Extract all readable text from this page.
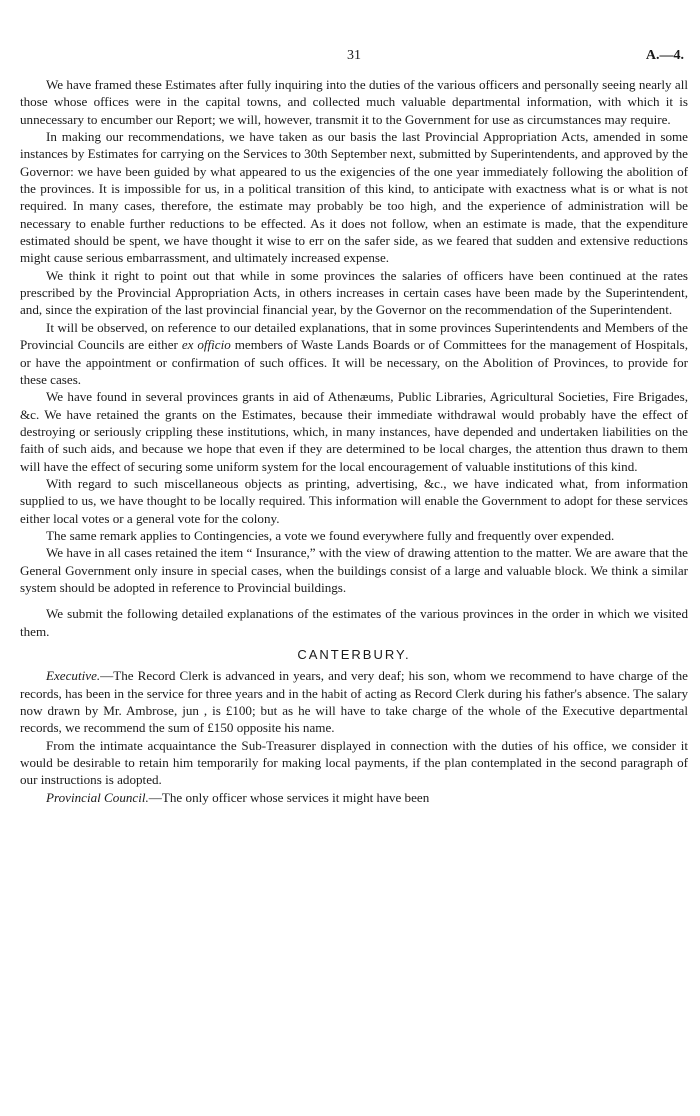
31	A.—4.

We have framed these Estimates after fully inquiring into the duties of the various officers and personally seeing nearly all those whose offices were in the capital towns, and collected much valuable departmental information, with which it is unnecessary to encumber our Report; we will, however, transmit it to the Government for use as circumstances may require.

In making our recommendations, we have taken as our basis the last Provincial Appropriation Acts, amended in some instances by Estimates for carrying on the Services to 30th September next, submitted by Superintendents, and approved by the Governor: we have been guided by what appeared to us the exigencies of the one year immediately following the abolition of the provinces. It is impossible for us, in a political transition of this kind, to anticipate with exactness what is or what is not required. In many cases, therefore, the estimate may probably be too high, and the experience of administration will be necessary to enable further reductions to be effected. As it does not follow, when an estimate is made, that the expenditure estimated should be spent, we have thought it wise to err on the safer side, as we feared that sudden and extensive reductions might cause serious embarrassment, and ultimately increased expense.

We think it right to point out that while in some provinces the salaries of officers have been continued at the rates prescribed by the Provincial Appropriation Acts, in others increases in certain cases have been made by the Superintendent, and, since the expiration of the last provincial financial year, by the Governor on the recommendation of the Superintendent.

It will be observed, on reference to our detailed explanations, that in some provinces Superintendents and Members of the Provincial Councils are either ex officio members of Waste Lands Boards or of Committees for the management of Hospitals, or have the appointment or confirmation of such offices. It will be necessary, on the Abolition of Provinces, to provide for these cases.

We have found in several provinces grants in aid of Athenæums, Public Libraries, Agricultural Societies, Fire Brigades, &c. We have retained the grants on the Estimates, because their immediate withdrawal would probably have the effect of destroying or seriously crippling these institutions, which, in many instances, have depended and undertaken liabilities on the faith of such aids, and because we hope that even if they are determined to be local charges, the attention thus drawn to them will have the effect of securing some uniform system for the local encouragement of valuable institutions of this kind.

With regard to such miscellaneous objects as printing, advertising, &c., we have indicated what, from information supplied to us, we have thought to be locally required. This information will enable the Government to adopt for these services either local votes or a general vote for the colony.

The same remark applies to Contingencies, a vote we found everywhere fully and frequently over expended.

We have in all cases retained the item “ Insurance,” with the view of drawing attention to the matter. We are aware that the General Government only insure in special cases, when the buildings consist of a large and valuable block. We think a similar system should be adopted in reference to Provincial buildings.

We submit the following detailed explanations of the estimates of the various provinces in the order in which we visited them.

CANTERBURY.

Executive.—The Record Clerk is advanced in years, and very deaf; his son, whom we recommend to have charge of the records, has been in the service for three years and in the habit of acting as Record Clerk during his father's absence. The salary now drawn by Mr. Ambrose, jun , is £100; but as he will have to take charge of the whole of the Executive departmental records, we recommend the sum of £150 opposite his name.

From the intimate acquaintance the Sub-Treasurer displayed in connection with the duties of his office, we consider it would be desirable to retain him temporarily for making local payments, if the plan contemplated in the second paragraph of our instructions is adopted.

Provincial Council.—The only officer whose services it might have been
